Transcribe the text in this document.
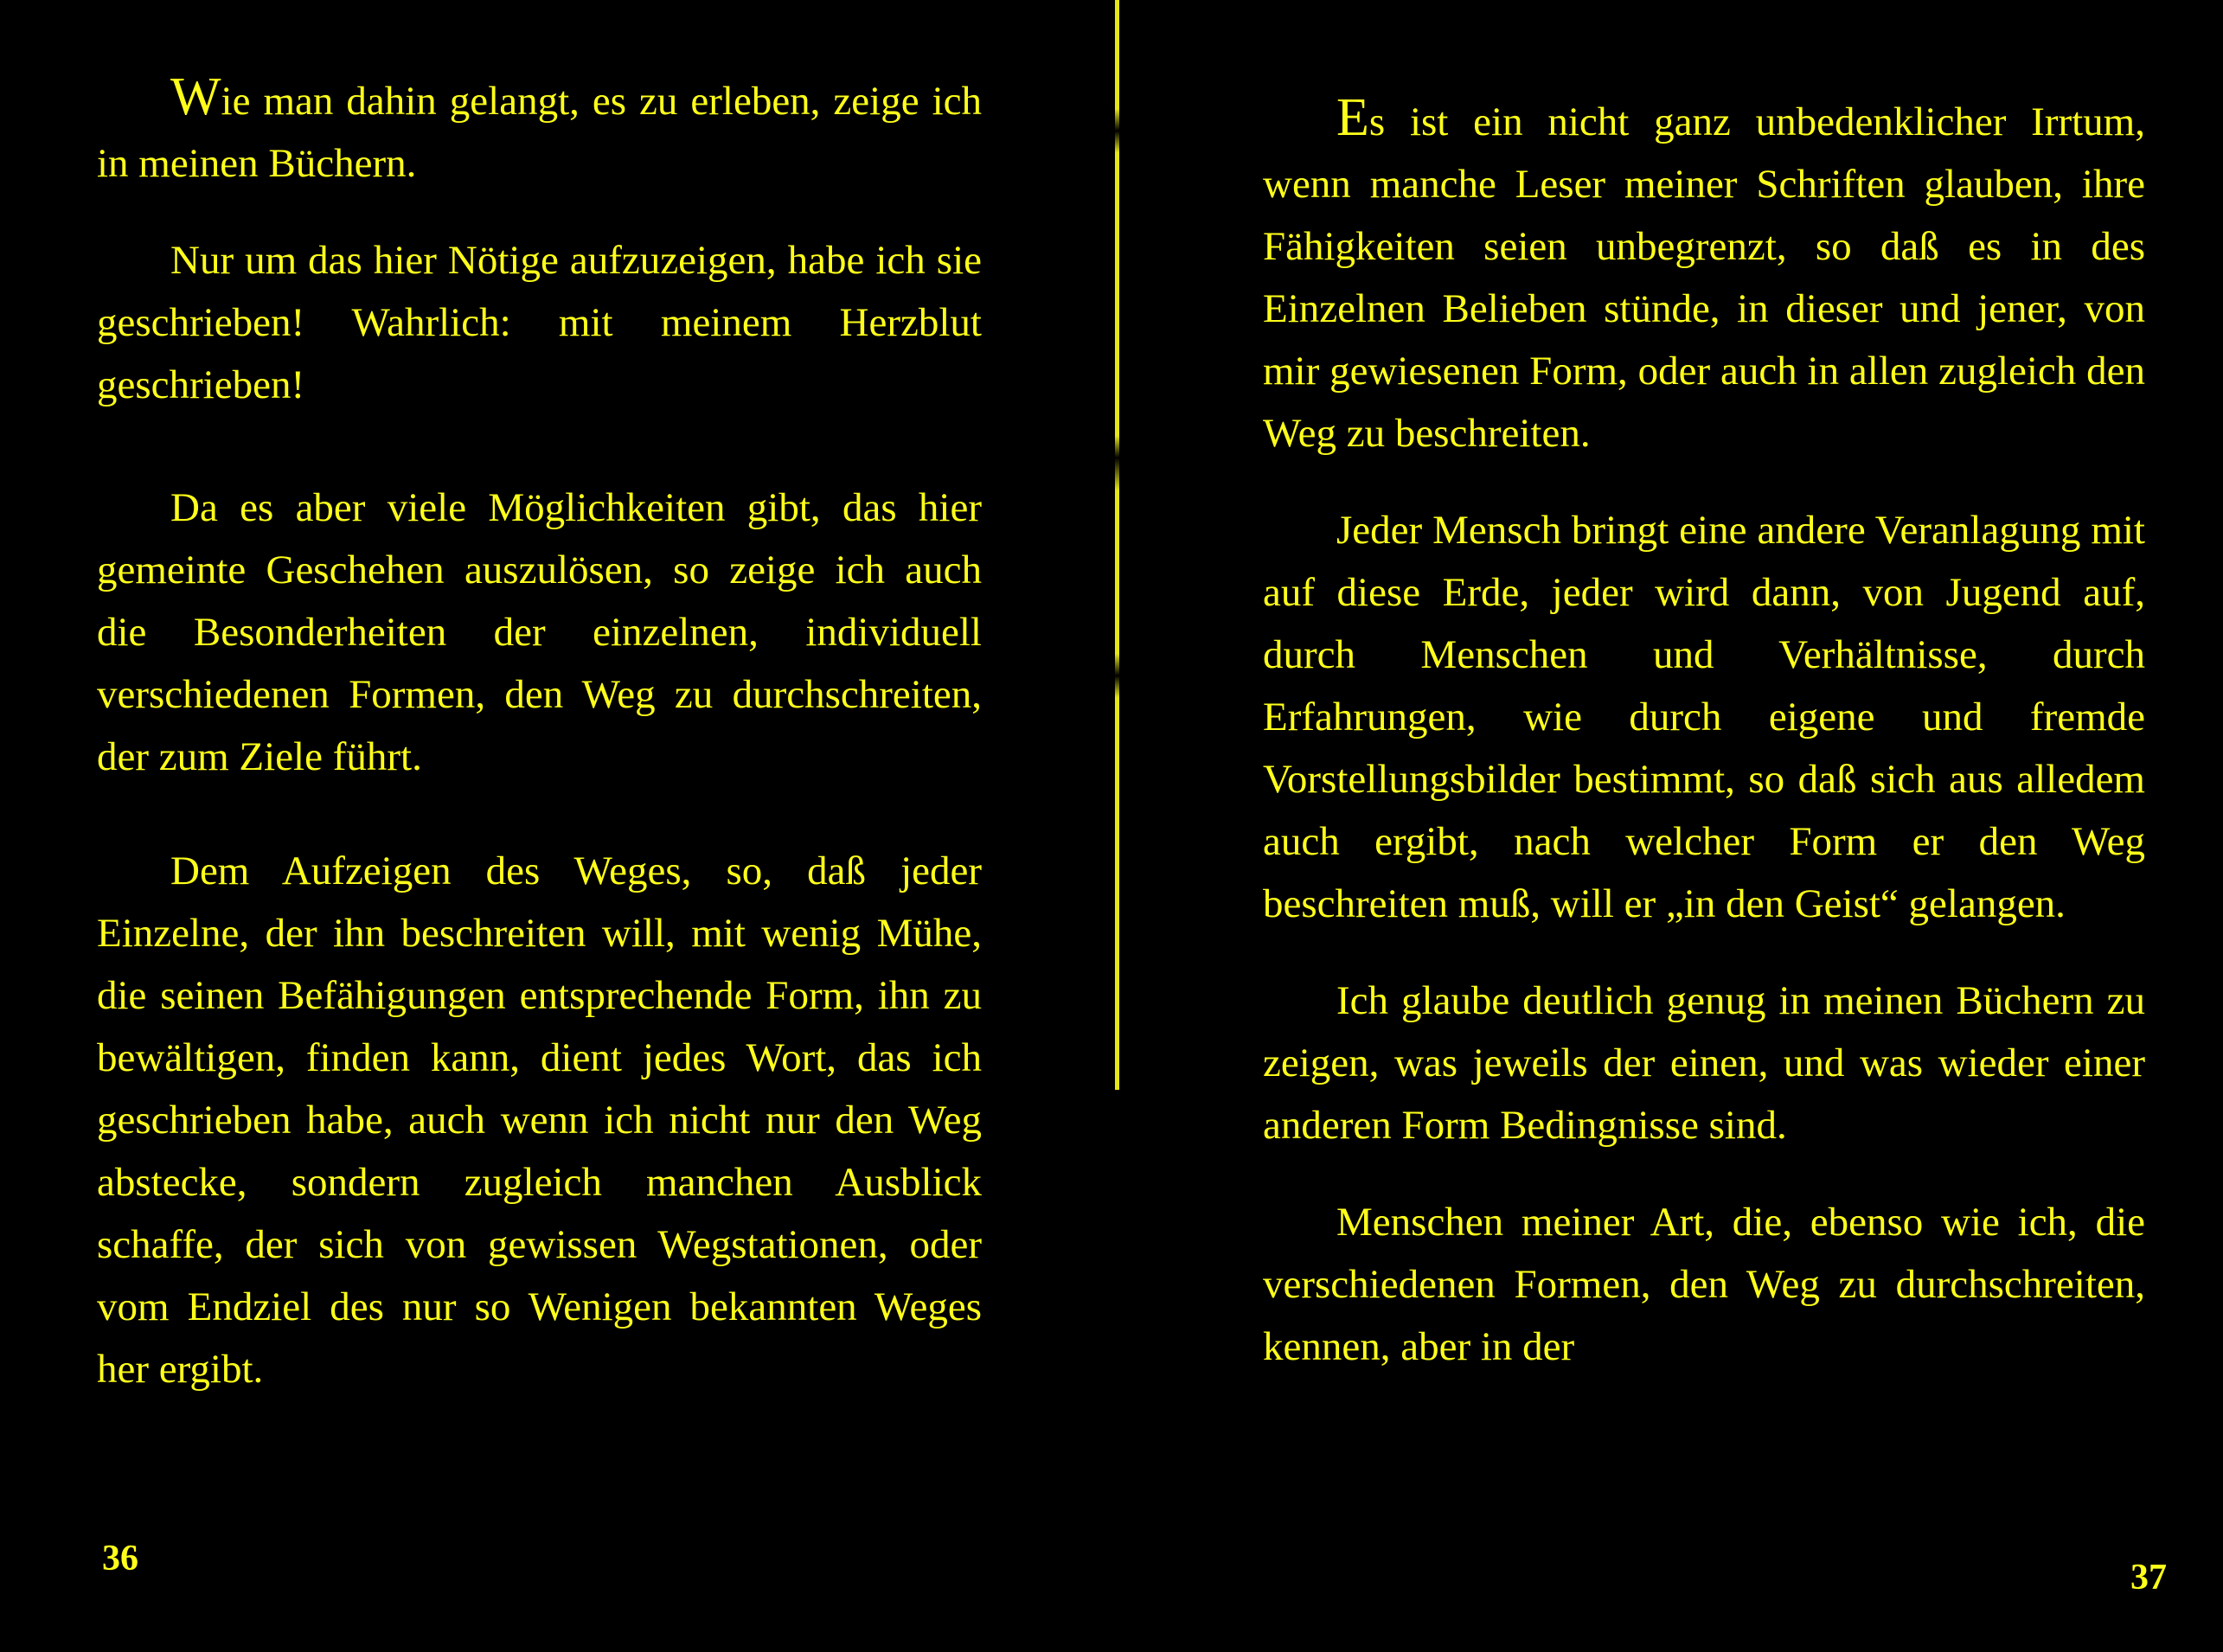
Wie man dahin gelangt, es zu erleben, zeige ich in meinen Büchern.

Nur um das hier Nötige aufzuzeigen, habe ich sie geschrieben! Wahrlich: mit meinem Herzblut geschrieben!

Da es aber viele Möglichkeiten gibt, das hier gemeinte Geschehen auszulösen, so zeige ich auch die Besonderheiten der einzelnen, individuell verschiedenen Formen, den Weg zu durchschreiten, der zum Ziele führt.

Dem Aufzeigen des Weges, so, daß jeder Einzelne, der ihn beschreiten will, mit wenig Mühe, die seinen Befähigungen entsprechende Form, ihn zu bewältigen, finden kann, dient jedes Wort, das ich geschrieben habe, auch wenn ich nicht nur den Weg abstecke, sondern zugleich manchen Ausblick schaffe, der sich von gewissen Wegstationen, oder vom Endziel des nur so Wenigen bekannten Weges her ergibt.

36

Es ist ein nicht ganz unbedenklicher Irrtum, wenn manche Leser meiner Schriften glauben, ihre Fähigkeiten seien unbegrenzt, so daß es in des Einzelnen Belieben stünde, in dieser und jener, von mir gewiesenen Form, oder auch in allen zugleich den Weg zu beschreiten.

Jeder Mensch bringt eine andere Veranlagung mit auf diese Erde, jeder wird dann, von Jugend auf, durch Menschen und Verhältnisse, durch Erfahrungen, wie durch eigene und fremde Vorstellungsbilder bestimmt, so daß sich aus alledem auch ergibt, nach welcher Form er den Weg beschreiten muß, will er „in den Geist“ gelangen.

Ich glaube deutlich genug in meinen Büchern zu zeigen, was jeweils der einen, und was wieder einer anderen Form Bedingnisse sind.

Menschen meiner Art, die, ebenso wie ich, die verschiedenen Formen, den Weg zu durchschreiten, kennen, aber in der

37
